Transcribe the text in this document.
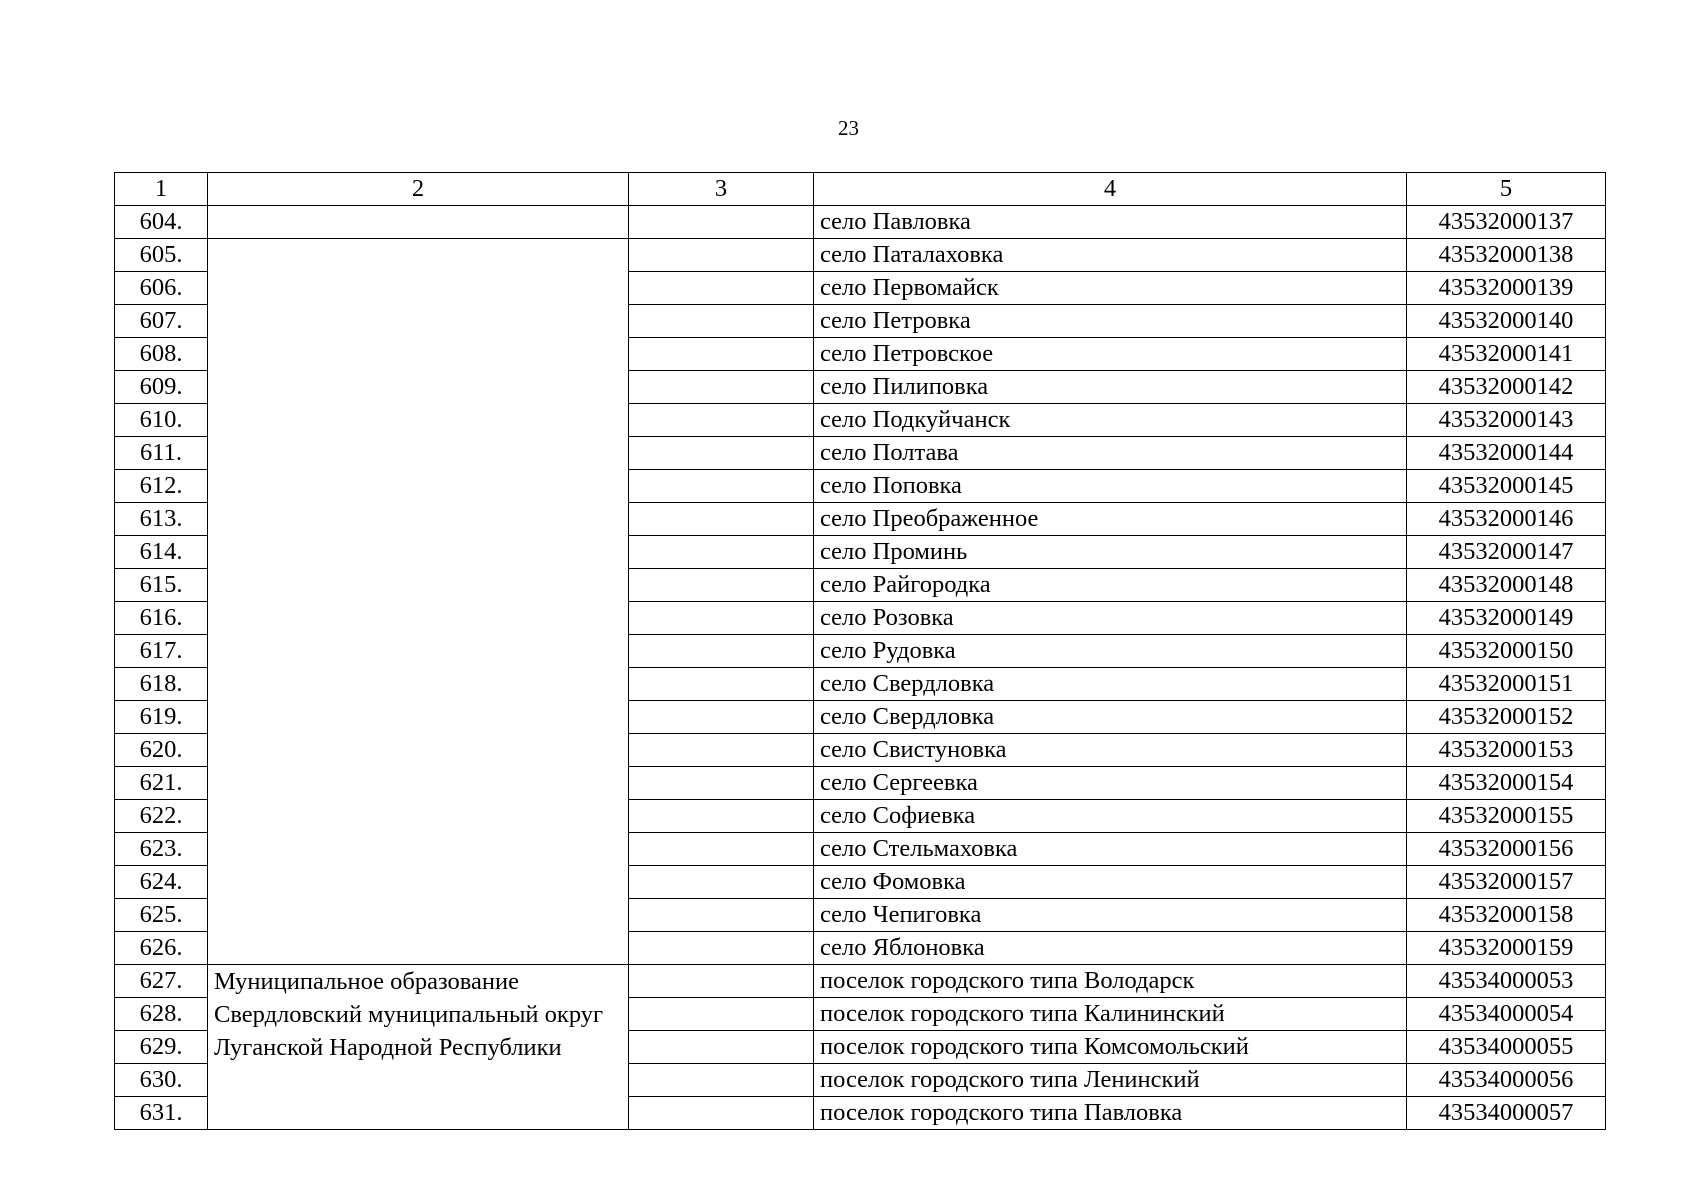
23
1	2	3	4	5
604.			село Павловка	43532000137
605.			село Паталаховка	43532000138
606.			село Первомайск	43532000139
607.			село Петровка	43532000140
608.			село Петровское	43532000141
609.			село Пилиповка	43532000142
610.			село Подкуйчанск	43532000143
611.			село Полтава	43532000144
612.			село Поповка	43532000145
613.			село Преображенное	43532000146
614.			село Проминь	43532000147
615.			село Райгородка	43532000148
616.			село Розовка	43532000149
617.			село Рудовка	43532000150
618.			село Свердловка	43532000151
619.			село Свердловка	43532000152
620.			село Свистуновка	43532000153
621.			село Сергеевка	43532000154
622.			село Софиевка	43532000155
623.			село Стельмаховка	43532000156
624.			село Фомовка	43532000157
625.			село Чепиговка	43532000158
626.			село Яблоновка	43532000159
627.	Муниципальное образование Свердловский муниципальный округ Луганской Народной Республики		поселок городского типа Володарск	43534000053
628.			поселок городского типа Калининский	43534000054
629.			поселок городского типа Комсомольский	43534000055
630.			поселок городского типа Ленинский	43534000056
631.			поселок городского типа Павловка	43534000057
